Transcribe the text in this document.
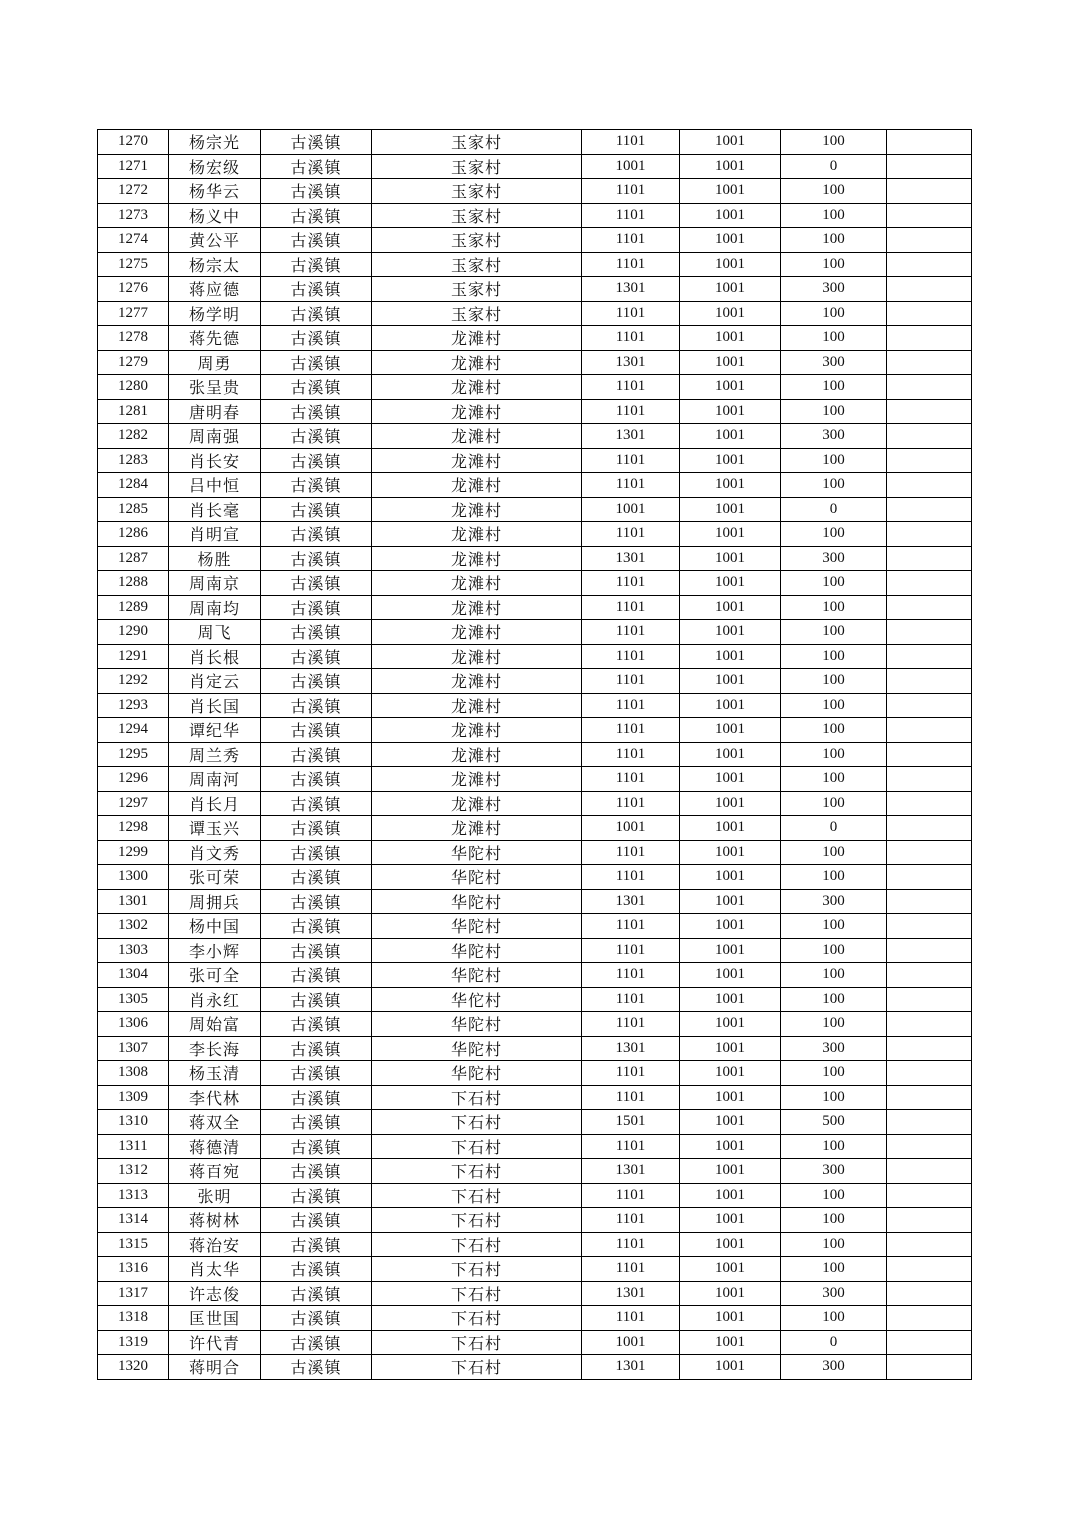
1270	杨宗光	古溪镇	玉家村	1101	1001	100	
1271	杨宏级	古溪镇	玉家村	1001	1001	0	
1272	杨华云	古溪镇	玉家村	1101	1001	100	
1273	杨义中	古溪镇	玉家村	1101	1001	100	
1274	黄公平	古溪镇	玉家村	1101	1001	100	
1275	杨宗太	古溪镇	玉家村	1101	1001	100	
1276	蒋应德	古溪镇	玉家村	1301	1001	300	
1277	杨学明	古溪镇	玉家村	1101	1001	100	
1278	蒋先德	古溪镇	龙滩村	1101	1001	100	
1279	周勇	古溪镇	龙滩村	1301	1001	300	
1280	张呈贵	古溪镇	龙滩村	1101	1001	100	
1281	唐明春	古溪镇	龙滩村	1101	1001	100	
1282	周南强	古溪镇	龙滩村	1301	1001	300	
1283	肖长安	古溪镇	龙滩村	1101	1001	100	
1284	吕中恒	古溪镇	龙滩村	1101	1001	100	
1285	肖长毫	古溪镇	龙滩村	1001	1001	0	
1286	肖明宣	古溪镇	龙滩村	1101	1001	100	
1287	杨胜	古溪镇	龙滩村	1301	1001	300	
1288	周南京	古溪镇	龙滩村	1101	1001	100	
1289	周南均	古溪镇	龙滩村	1101	1001	100	
1290	周飞	古溪镇	龙滩村	1101	1001	100	
1291	肖长根	古溪镇	龙滩村	1101	1001	100	
1292	肖定云	古溪镇	龙滩村	1101	1001	100	
1293	肖长国	古溪镇	龙滩村	1101	1001	100	
1294	谭纪华	古溪镇	龙滩村	1101	1001	100	
1295	周兰秀	古溪镇	龙滩村	1101	1001	100	
1296	周南河	古溪镇	龙滩村	1101	1001	100	
1297	肖长月	古溪镇	龙滩村	1101	1001	100	
1298	谭玉兴	古溪镇	龙滩村	1001	1001	0	
1299	肖文秀	古溪镇	华陀村	1101	1001	100	
1300	张可荣	古溪镇	华陀村	1101	1001	100	
1301	周拥兵	古溪镇	华陀村	1301	1001	300	
1302	杨中国	古溪镇	华陀村	1101	1001	100	
1303	李小辉	古溪镇	华陀村	1101	1001	100	
1304	张可全	古溪镇	华陀村	1101	1001	100	
1305	肖永红	古溪镇	华佗村	1101	1001	100	
1306	周始富	古溪镇	华陀村	1101	1001	100	
1307	李长海	古溪镇	华陀村	1301	1001	300	
1308	杨玉清	古溪镇	华陀村	1101	1001	100	
1309	李代林	古溪镇	下石村	1101	1001	100	
1310	蒋双全	古溪镇	下石村	1501	1001	500	
1311	蒋德清	古溪镇	下石村	1101	1001	100	
1312	蒋百宛	古溪镇	下石村	1301	1001	300	
1313	张明	古溪镇	下石村	1101	1001	100	
1314	蒋树林	古溪镇	下石村	1101	1001	100	
1315	蒋治安	古溪镇	下石村	1101	1001	100	
1316	肖太华	古溪镇	下石村	1101	1001	100	
1317	许志俊	古溪镇	下石村	1301	1001	300	
1318	匡世国	古溪镇	下石村	1101	1001	100	
1319	许代青	古溪镇	下石村	1001	1001	0	
1320	蒋明合	古溪镇	下石村	1301	1001	300	
